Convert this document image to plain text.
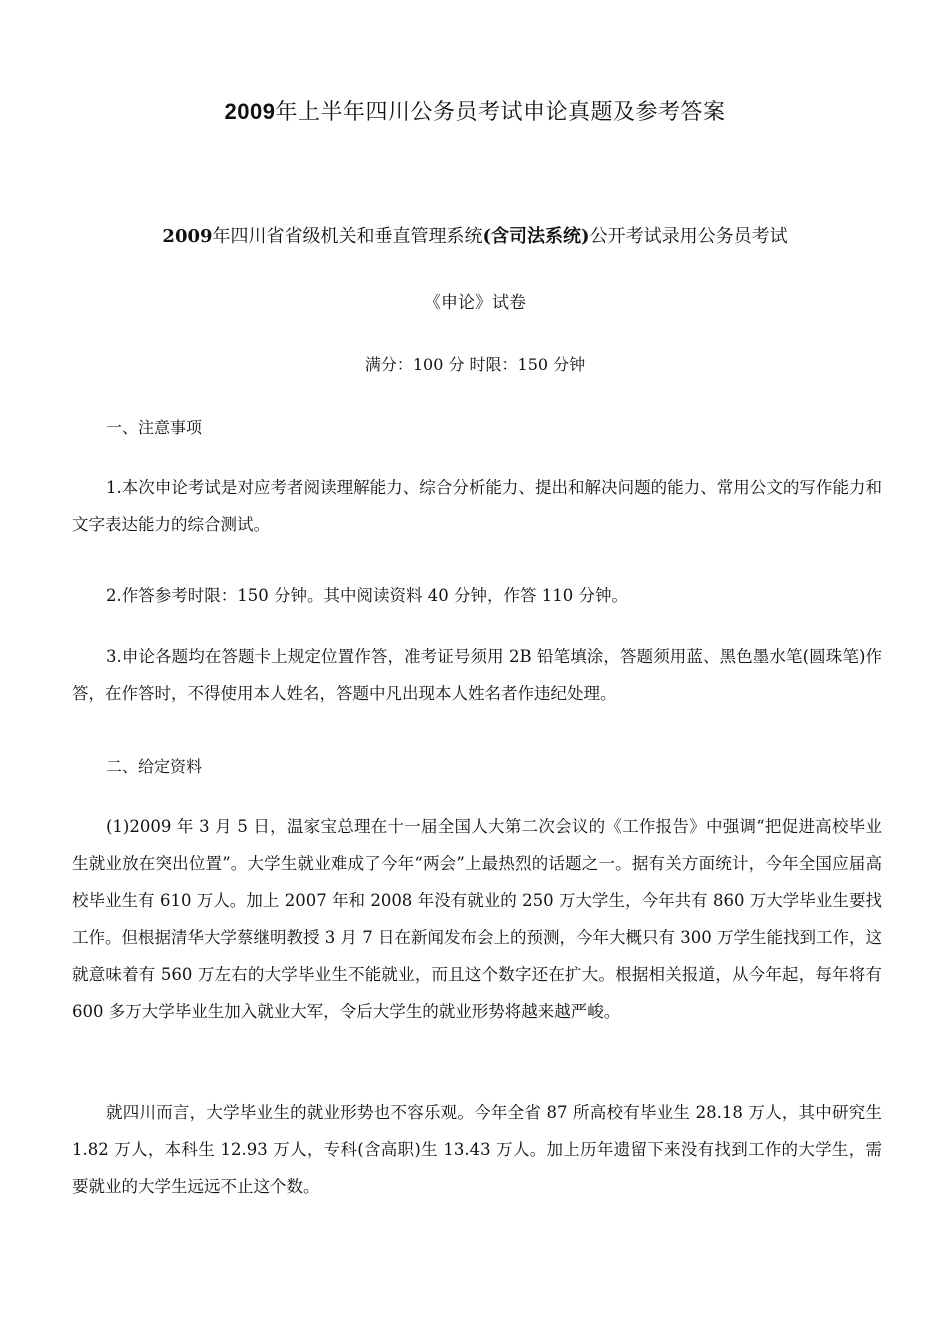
2009年上半年四川公务员考试申论真题及参考答案
2009年四川省省级机关和垂直管理系统(含司法系统)公开考试录用公务员考试
《申论》试卷
满分：100 分 时限：150 分钟
一、注意事项
1.本次申论考试是对应考者阅读理解能力、综合分析能力、提出和解决问题的能力、常用公文的写作能力和文字表达能力的综合测试。
2.作答参考时限：150 分钟。其中阅读资料 40 分钟，作答 110 分钟。
3.申论各题均在答题卡上规定位置作答，准考证号须用 2B 铅笔填涂，答题须用蓝、黑色墨水笔(圆珠笔)作答，在作答时，不得使用本人姓名，答题中凡出现本人姓名者作违纪处理。
二、给定资料
(1)2009 年 3 月 5 日，温家宝总理在十一届全国人大第二次会议的《工作报告》中强调“把促进高校毕业生就业放在突出位置”。大学生就业难成了今年“两会”上最热烈的话题之一。据有关方面统计，今年全国应届高校毕业生有 610 万人。加上 2007 年和 2008 年没有就业的 250 万大学生，今年共有 860 万大学毕业生要找工作。但根据清华大学蔡继明教授 3 月 7 日在新闻发布会上的预测，今年大概只有 300 万学生能找到工作，这就意味着有 560 万左右的大学毕业生不能就业，而且这个数字还在扩大。根据相关报道，从今年起，每年将有 600 多万大学毕业生加入就业大军，令后大学生的就业形势将越来越严峻。
就四川而言，大学毕业生的就业形势也不容乐观。今年全省 87 所高校有毕业生 28.18 万人，其中研究生 1.82 万人，本科生 12.93 万人，专科(含高职)生 13.43 万人。加上历年遗留下来没有找到工作的大学生，需要就业的大学生远远不止这个数。
